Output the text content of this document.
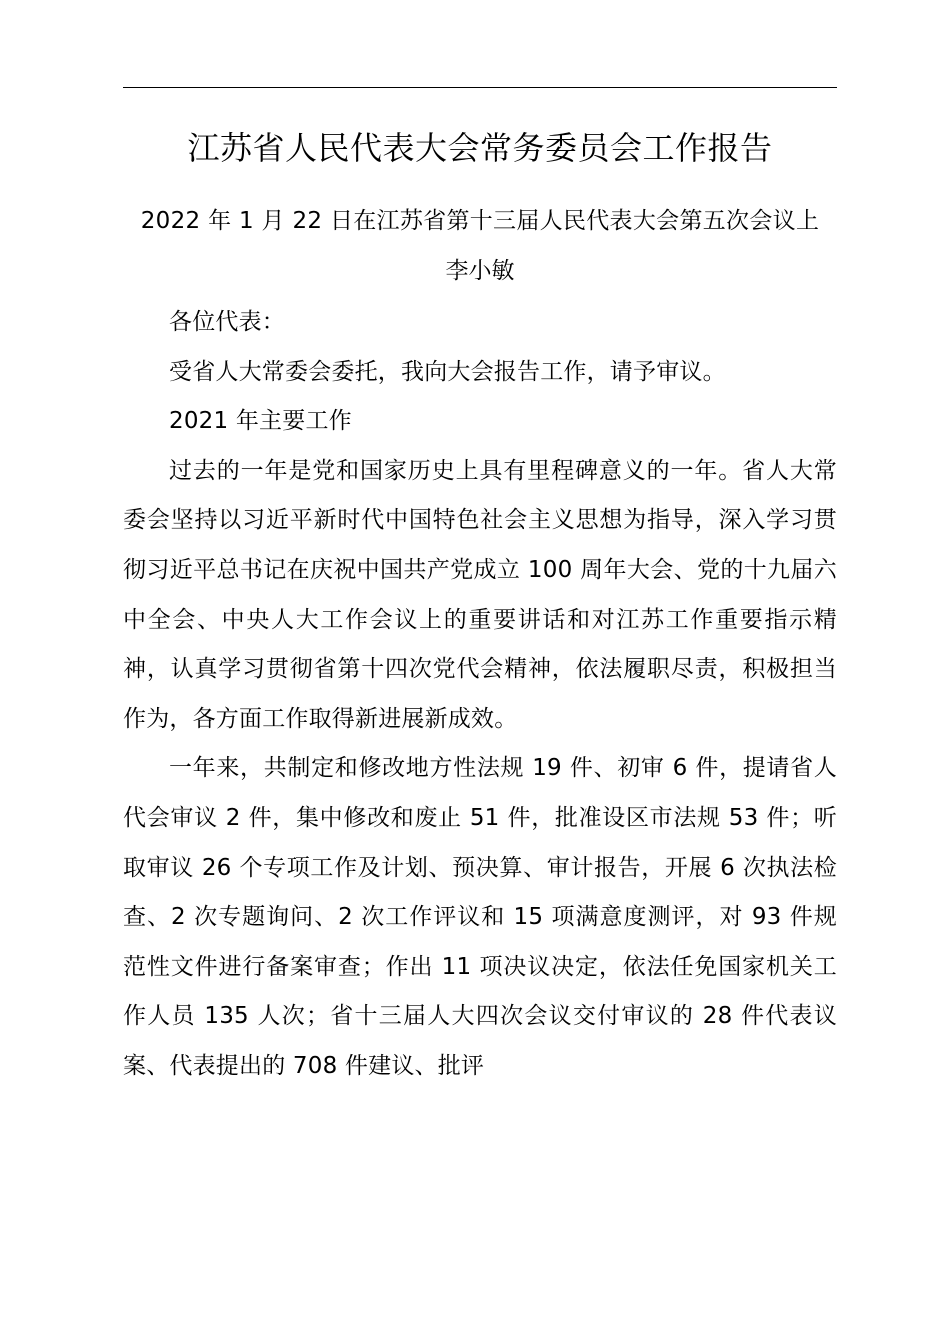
江苏省人民代表大会常务委员会工作报告
2022 年 1 月 22 日在江苏省第十三届人民代表大会第五次会议上
李小敏

各位代表：

受省人大常委会委托，我向大会报告工作，请予审议。

2021 年主要工作

过去的一年是党和国家历史上具有里程碑意义的一年。省人大常委会坚持以习近平新时代中国特色社会主义思想为指导，深入学习贯彻习近平总书记在庆祝中国共产党成立 100 周年大会、党的十九届六中全会、中央人大工作会议上的重要讲话和对江苏工作重要指示精神，认真学习贯彻省第十四次党代会精神，依法履职尽责，积极担当作为，各方面工作取得新进展新成效。

一年来，共制定和修改地方性法规 19 件、初审 6 件，提请省人代会审议 2 件，集中修改和废止 51 件，批准设区市法规 53 件；听取审议 26 个专项工作及计划、预决算、审计报告，开展 6 次执法检查、2 次专题询问、2 次工作评议和 15 项满意度测评，对 93 件规范性文件进行备案审查；作出 11 项决议决定，依法任免国家机关工作人员 135 人次；省十三届人大四次会议交付审议的 28 件代表议案、代表提出的 708 件建议、批评
